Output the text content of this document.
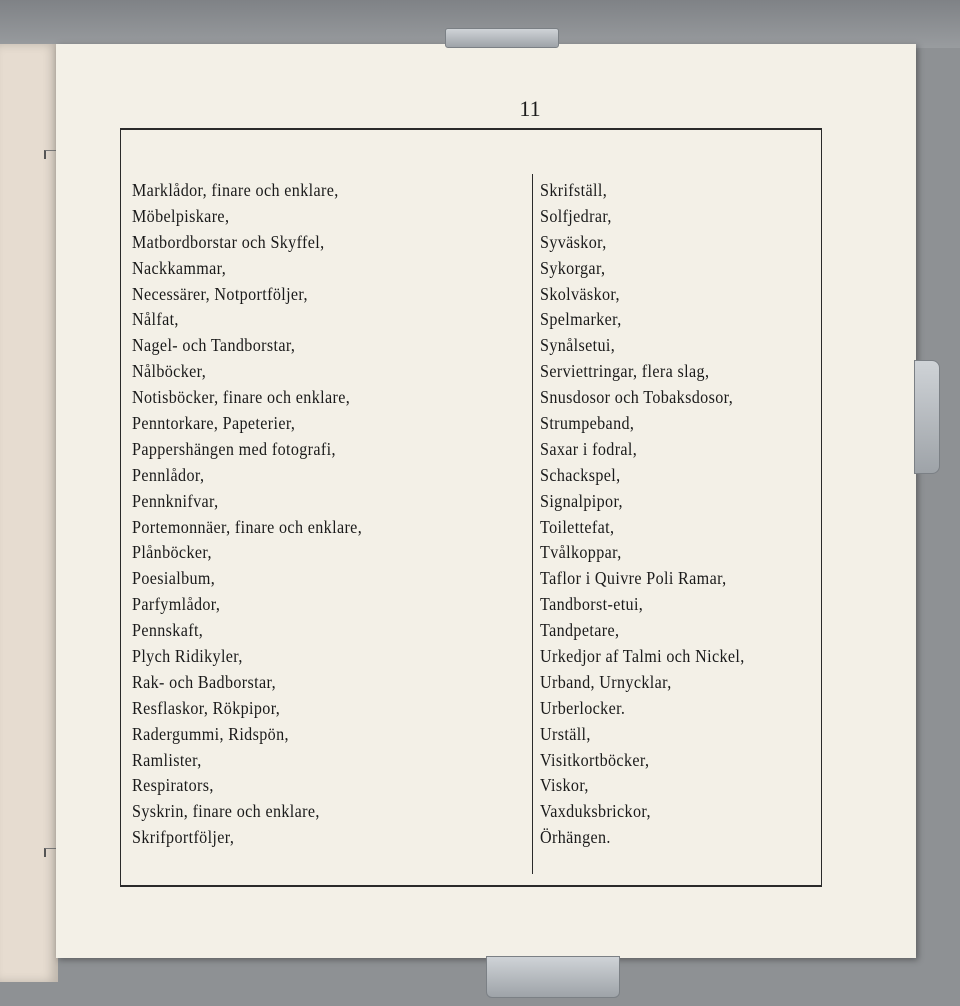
11
Marklådor, finare och enklare,
Möbelpiskare,
Matbordborstar och Skyffel,
Nackkammar,
Necessärer, Notportföljer,
Nålfat,
Nagel- och Tandborstar,
Nålböcker,
Notisböcker, finare och enklare,
Penntorkare, Papeterier,
Pappershängen med fotografi,
Pennlådor,
Pennknifvar,
Portemonnäer, finare och enklare,
Plånböcker,
Poesialbum,
Parfymlådor,
Pennskaft,
Plych Ridikyler,
Rak- och Badborstar,
Resflaskor, Rökpipor,
Radergummi, Ridspön,
Ramlister,
Respirators,
Syskrin, finare och enklare,
Skrifportföljer,
Skrifställ,
Solfjedrar,
Syväskor,
Sykorgar,
Skolväskor,
Spelmarker,
Synålsetui,
Serviettringar, flera slag,
Snusdosor och Tobaksdosor,
Strumpeband,
Saxar i fodral,
Schackspel,
Signalpipor,
Toilettefat,
Tvålkoppar,
Taflor i Quivre Poli Ramar,
Tandborst-etui,
Tandpetare,
Urkedjor af Talmi och Nickel,
Urband, Urnycklar,
Urberlocker.
Urställ,
Visitkortböcker,
Viskor,
Vaxduksbrickor,
Örhängen.
